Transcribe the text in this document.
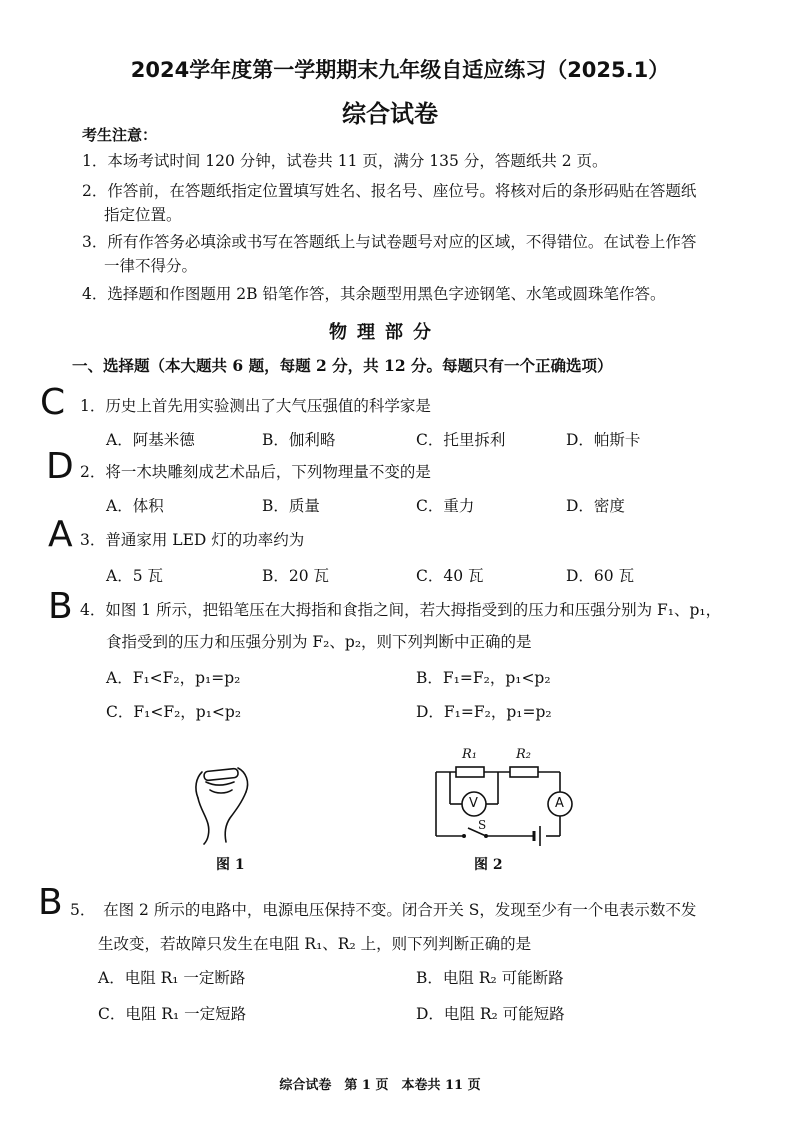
2024学年度第一学期期末九年级自适应练习（2025.1）
综合试卷
考生注意：
1．本场考试时间 120 分钟，试卷共 11 页，满分 135 分，答题纸共 2 页。
2．作答前，在答题纸指定位置填写姓名、报名号、座位号。将核对后的条形码贴在答题纸
指定位置。
3．所有作答务必填涂或书写在答题纸上与试卷题号对应的区域，不得错位。在试卷上作答
一律不得分。
4．选择题和作图题用 2B 铅笔作答，其余题型用黑色字迹钢笔、水笔或圆珠笔作答。
物理部分
一、选择题（本大题共 6 题，每题 2 分，共 12 分。每题只有一个正确选项）
C 1．历史上首先用实验测出了大气压强值的科学家是
A．阿基米德	B．伽利略	C．托里拆利	D．帕斯卡
D 2．将一木块雕刻成艺术品后，下列物理量不变的是
A．体积	B．质量	C．重力	D．密度
A 3．普通家用 LED 灯的功率约为
A．5 瓦	B．20 瓦	C．40 瓦	D．60 瓦
B 4．如图 1 所示，把铅笔压在大拇指和食指之间，若大拇指受到的压力和压强分别为 F₁、p₁，
食指受到的压力和压强分别为 F₂、p₂，则下列判断中正确的是
A．F₁<F₂，p₁=p₂	B．F₁=F₂，p₁<p₂
C．F₁<F₂，p₁<p₂	D．F₁=F₂，p₁=p₂
图 1
R₁	R₂
V	A
S
图 2
B 5．　在图 2 所示的电路中，电源电压保持不变。闭合开关 S，发现至少有一个电表示数不发
生改变，若故障只发生在电阻 R₁、R₂ 上，则下列判断正确的是
A．电阻 R₁ 一定断路	B．电阻 R₂ 可能断路
C．电阻 R₁ 一定短路	D．电阻 R₂ 可能短路
综合试卷　第 1 页　本卷共 11 页
